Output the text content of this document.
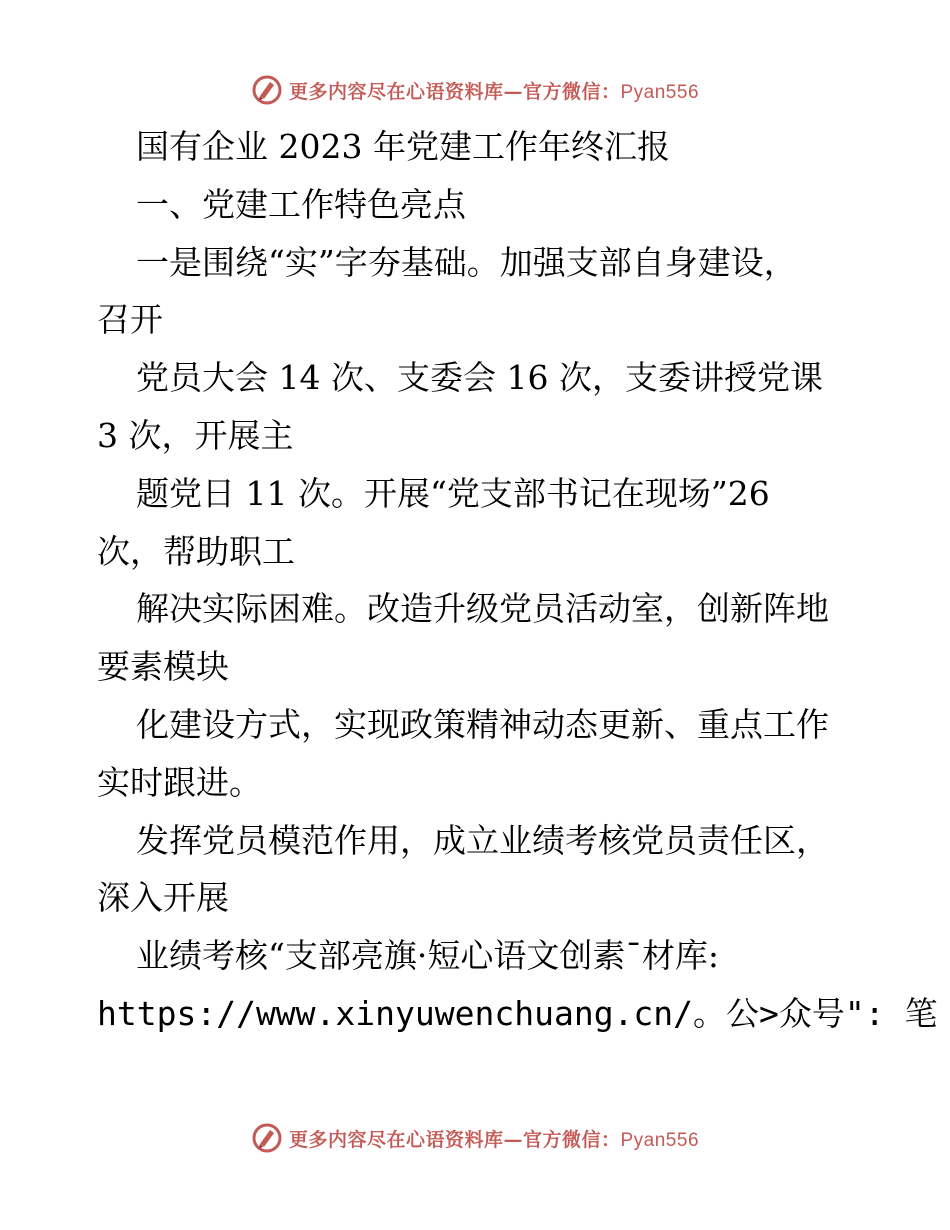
更多内容尽在心语资料库—官方微信：Pyan556
国有企业 2023 年党建工作年终汇报
一、党建工作特色亮点
一是围绕“实”字夯基础。加强支部自身建设，
召开
党员大会 14 次、支委会 16 次，支委讲授党课
3 次，开展主
题党日 11 次。开展“党支部书记在现场”26
次，帮助职工
解决实际困难。改造升级党员活动室，创新阵地
要素模块
化建设方式，实现政策精神动态更新、重点工作
实时跟进。
发挥党员模范作用，成立业绩考核党员责任区，
深入开展
业绩考核“支部亮旗·短心语文创素¯材库:
https://www.xinyuwenchuang.cn/。公>众号": 笔
更多内容尽在心语资料库—官方微信：Pyan556
